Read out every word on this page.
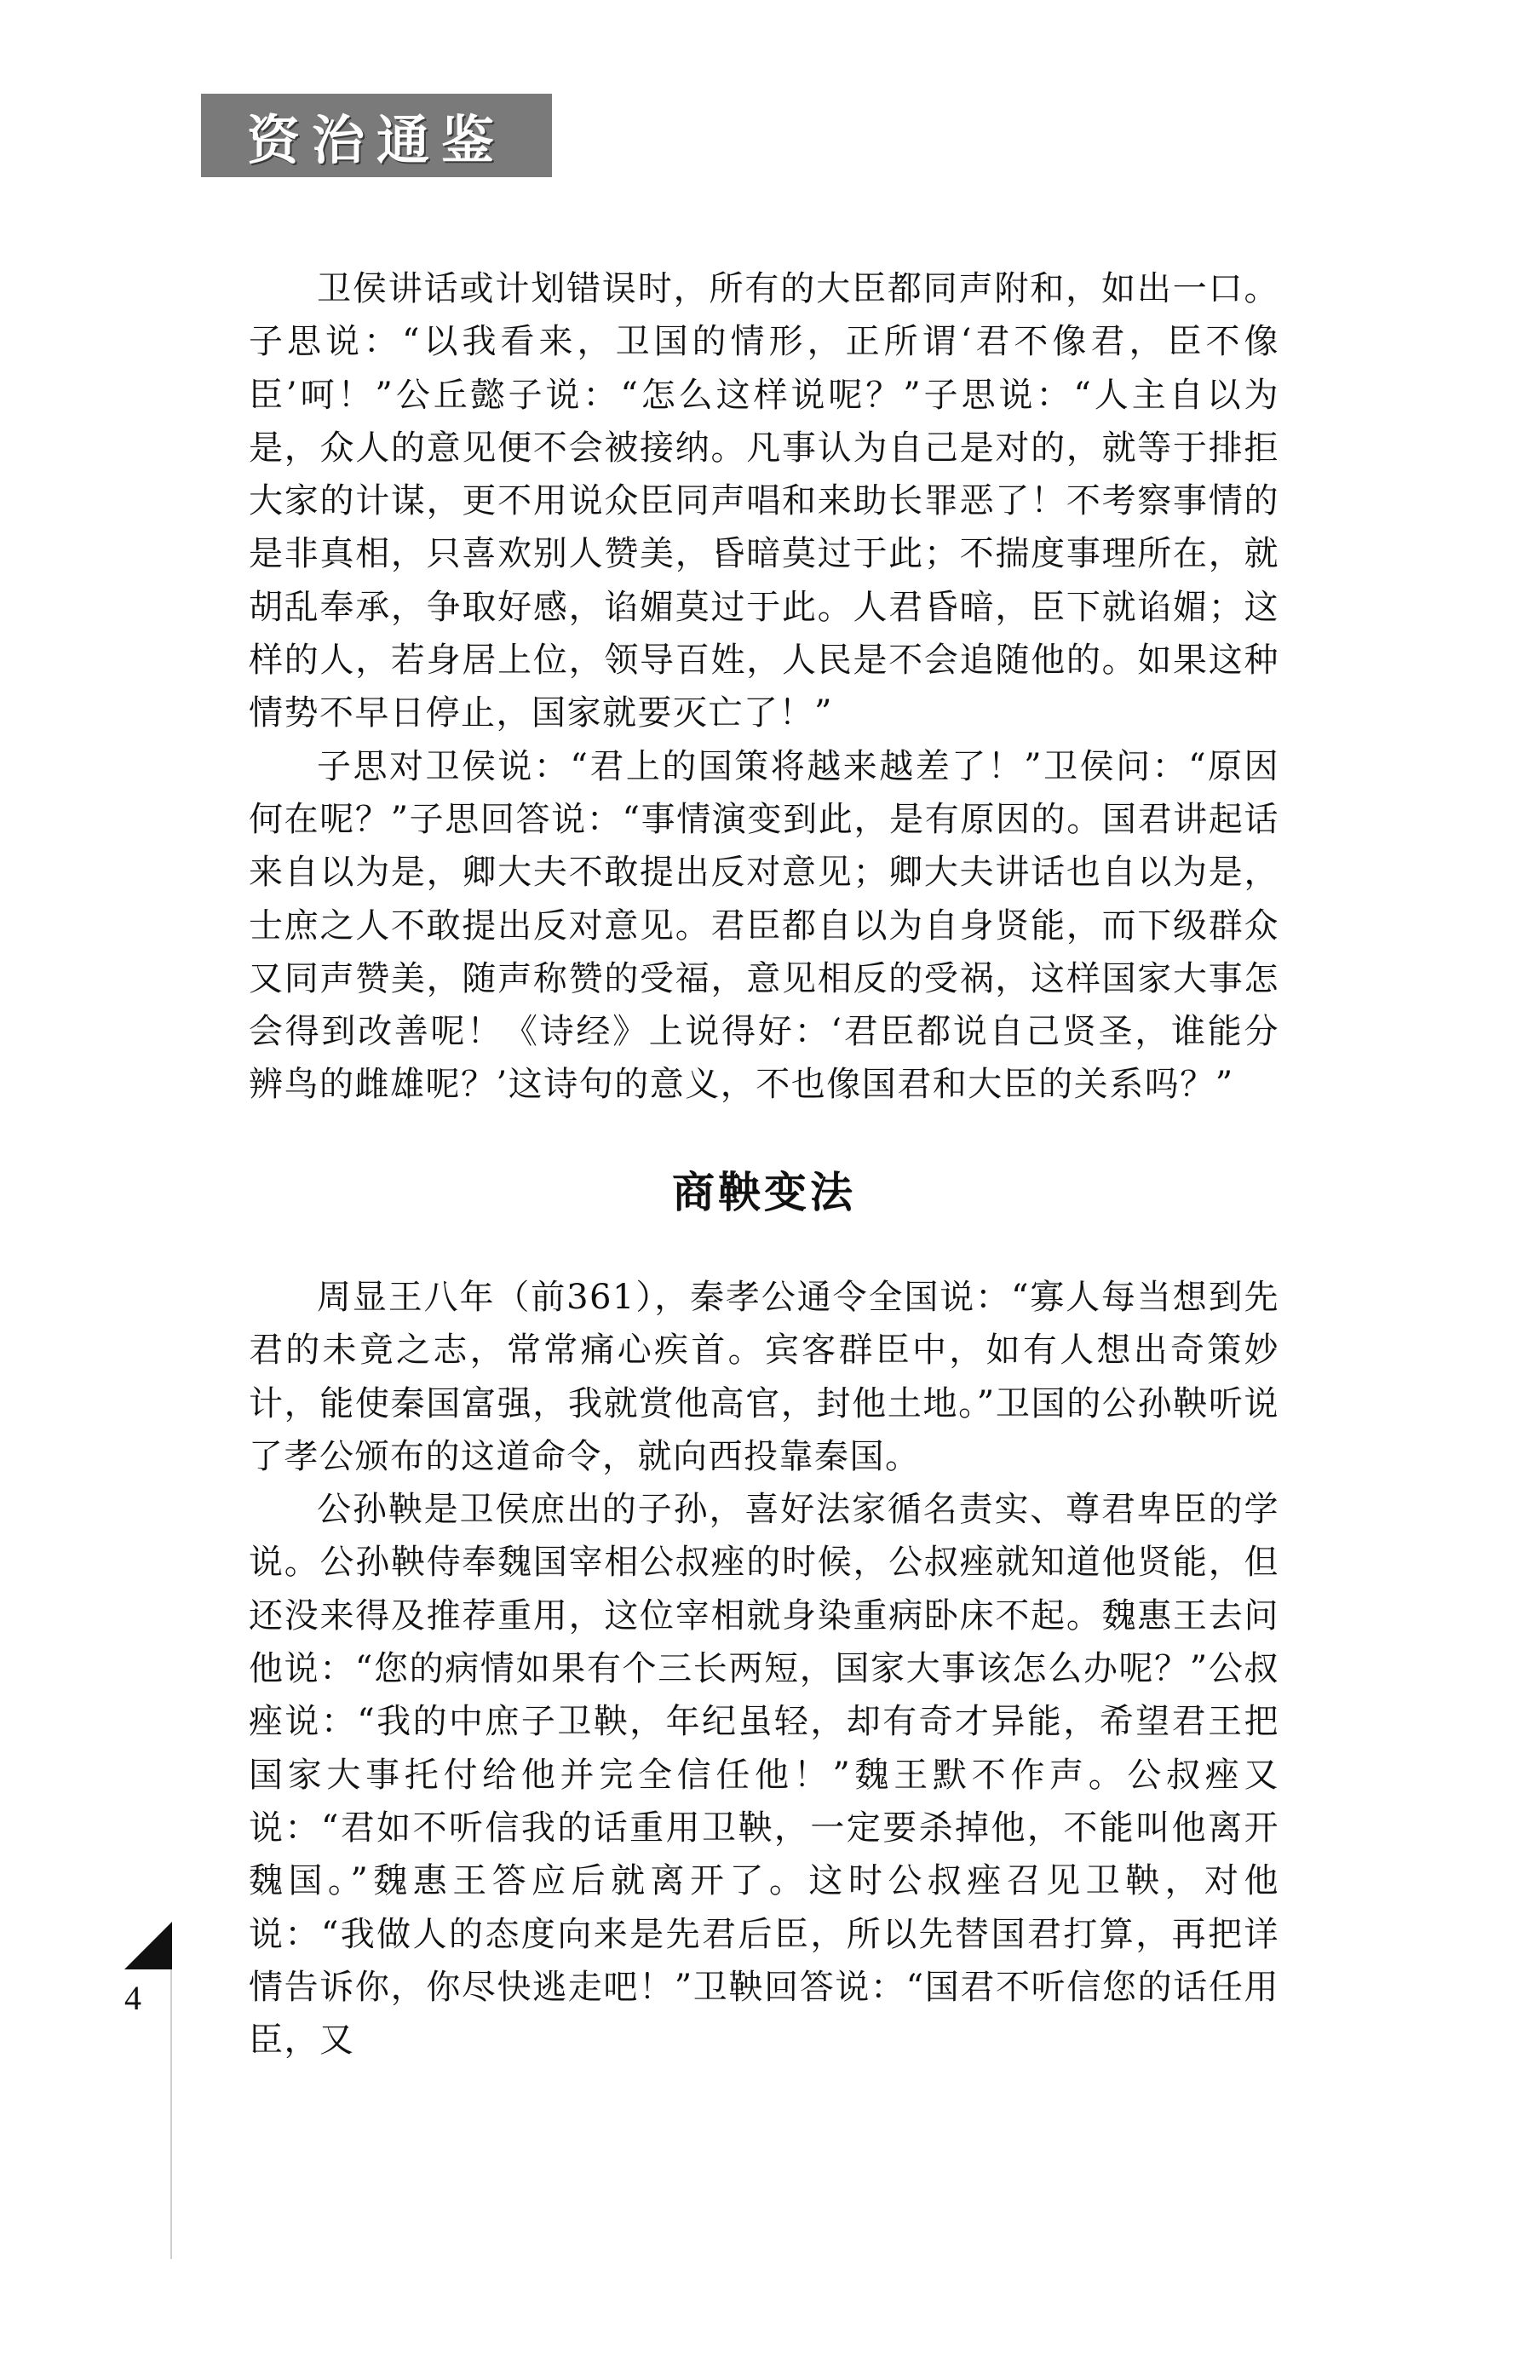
资治通鉴

卫侯讲话或计划错误时，所有的大臣都同声附和，如出一口。子思说：“以我看来，卫国的情形，正所谓‘君不像君，臣不像臣’呵！”公丘懿子说：“怎么这样说呢？”子思说：“人主自以为是，众人的意见便不会被接纳。凡事认为自己是对的，就等于排拒大家的计谋，更不用说众臣同声唱和来助长罪恶了！不考察事情的是非真相，只喜欢别人赞美，昏暗莫过于此；不揣度事理所在，就胡乱奉承，争取好感，谄媚莫过于此。人君昏暗，臣下就谄媚；这样的人，若身居上位，领导百姓，人民是不会追随他的。如果这种情势不早日停止，国家就要灭亡了！”

子思对卫侯说：“君上的国策将越来越差了！”卫侯问：“原因何在呢？”子思回答说：“事情演变到此，是有原因的。国君讲起话来自以为是，卿大夫不敢提出反对意见；卿大夫讲话也自以为是，士庶之人不敢提出反对意见。君臣都自以为自身贤能，而下级群众又同声赞美，随声称赞的受福，意见相反的受祸，这样国家大事怎会得到改善呢！《诗经》上说得好：‘君臣都说自己贤圣，谁能分辨鸟的雌雄呢？’这诗句的意义，不也像国君和大臣的关系吗？”

商鞅变法

周显王八年（前361），秦孝公通令全国说：“寡人每当想到先君的未竟之志，常常痛心疾首。宾客群臣中，如有人想出奇策妙计，能使秦国富强，我就赏他高官，封他土地。”卫国的公孙鞅听说了孝公颁布的这道命令，就向西投靠秦国。

公孙鞅是卫侯庶出的子孙，喜好法家循名责实、尊君卑臣的学说。公孙鞅侍奉魏国宰相公叔痤的时候，公叔痤就知道他贤能，但还没来得及推荐重用，这位宰相就身染重病卧床不起。魏惠王去问他说：“您的病情如果有个三长两短，国家大事该怎么办呢？”公叔痤说：“我的中庶子卫鞅，年纪虽轻，却有奇才异能，希望君王把国家大事托付给他并完全信任他！”魏王默不作声。公叔痤又说：“君如不听信我的话重用卫鞅，一定要杀掉他，不能叫他离开魏国。”魏惠王答应后就离开了。这时公叔痤召见卫鞅，对他说：“我做人的态度向来是先君后臣，所以先替国君打算，再把详情告诉你，你尽快逃走吧！”卫鞅回答说：“国君不听信您的话任用臣，又

4
